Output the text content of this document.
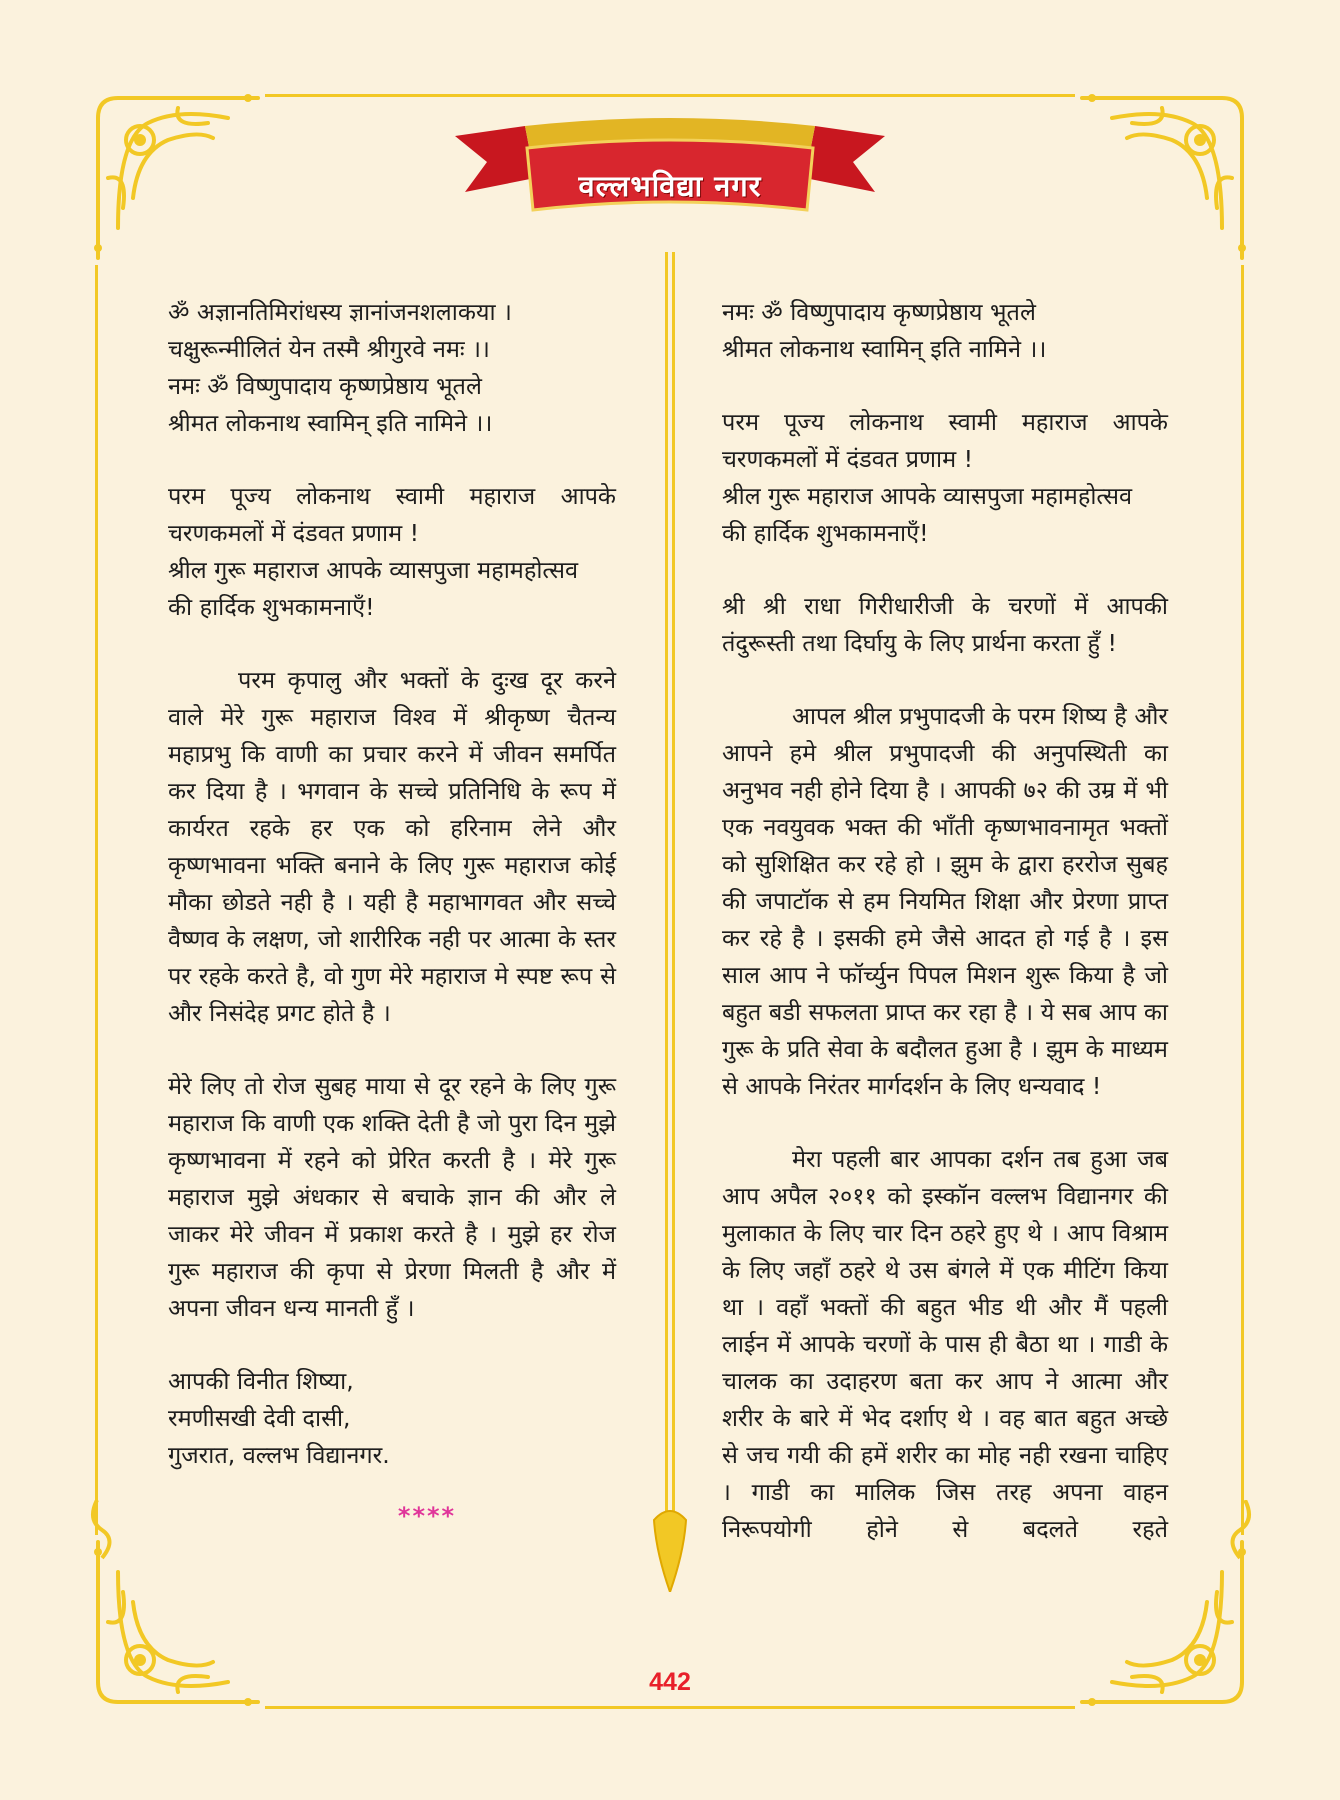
वल्लभविद्या नगर
ॐ अज्ञानतिमिरांधस्य ज्ञानांजनशलाकया ।
चक्षुरून्मीलितं येन तस्मै श्रीगुरवे नमः ।।
नमः ॐ विष्णुपादाय कृष्णप्रेष्ठाय भूतले
श्रीमत लोकनाथ स्वामिन् इति नामिने ।।
परम पूज्य लोकनाथ स्वामी महाराज आपके
चरणकमलों में दंडवत प्रणाम !
श्रील गुरू महाराज आपके व्यासपुजा महामहोत्सव
की हार्दिक शुभकामनाएँ!

परम कृपालु और भक्तों के दुःख दूर करने वाले मेरे गुरू महाराज विश्व में श्रीकृष्ण चैतन्य महाप्रभु कि वाणी का प्रचार करने में जीवन समर्पित कर दिया है । भगवान के सच्चे प्रतिनिधि के रूप में कार्यरत रहके हर एक को हरिनाम लेने और कृष्णभावना भक्ति बनाने के लिए गुरू महाराज कोई मौका छोडते नही है । यही है महाभागवत और सच्चे वैष्णव के लक्षण, जो शारीरिक नही पर आत्मा के स्तर पर रहके करते है, वो गुण मेरे महाराज मे स्पष्ट रूप से और निसंदेह प्रगट होते है ।

मेरे लिए तो रोज सुबह माया से दूर रहने के लिए गुरू महाराज कि वाणी एक शक्ति देती है जो पुरा दिन मुझे कृष्णभावना में रहने को प्रेरित करती है । मेरे गुरू महाराज मुझे अंधकार से बचाके ज्ञान की और ले जाकर मेरे जीवन में प्रकाश करते है । मुझे हर रोज गुरू महाराज की कृपा से प्रेरणा मिलती है और में अपना जीवन धन्य मानती हुँ ।

आपकी विनीत शिष्या,

रमणीसखी देवी दासी,

गुजरात, वल्लभ विद्यानगर.

****
नमः ॐ विष्णुपादाय कृष्णप्रेष्ठाय भूतले
श्रीमत लोकनाथ स्वामिन् इति नामिने ।।
परम पूज्य लोकनाथ स्वामी महाराज आपके
चरणकमलों में दंडवत प्रणाम !
श्रील गुरू महाराज आपके व्यासपुजा महामहोत्सव
की हार्दिक शुभकामनाएँ!
श्री श्री राधा गिरीधारीजी के चरणों में आपकी
तंदुरूस्ती तथा दिर्घायु के लिए प्रार्थना करता हुँ !

आपल श्रील प्रभुपादजी के परम शिष्य है और आपने हमे श्रील प्रभुपादजी की अनुपस्थिती का अनुभव नही होने दिया है । आपकी ७२ की उम्र में भी एक नवयुवक भक्त की भाँती कृष्णभावनामृत भक्तों को सुशिक्षित कर रहे हो । झुम के द्वारा हररोज सुबह की जपाटॉक से हम नियमित शिक्षा और प्रेरणा प्राप्त कर रहे है । इसकी हमे जैसे आदत हो गई है । इस साल आप ने फॉर्च्युन पिपल मिशन शुरू किया है जो बहुत बडी सफलता प्राप्त कर रहा है । ये सब आप का गुरू के प्रति सेवा के बदौलत हुआ है । झुम के माध्यम से आपके निरंतर मार्गदर्शन के लिए धन्यवाद !

मेरा पहली बार आपका दर्शन तब हुआ जब आप अपैल २०११ को इस्कॉन वल्लभ विद्यानगर की मुलाकात के लिए चार दिन ठहरे हुए थे । आप विश्राम के लिए जहाँ ठहरे थे उस बंगले में एक मीटिंग किया था । वहाँ भक्तों की बहुत भीड थी और मैं पहली लाईन में आपके चरणों के पास ही बैठा था । गाडी के चालक का उदाहरण बता कर आप ने आत्मा और शरीर के बारे में भेद दर्शाए थे । वह बात बहुत अच्छे से जच गयी की हमें शरीर का मोह नही रखना चाहिए । गाडी का मालिक जिस तरह अपना वाहन निरूपयोगी होने से बदलते रहते

442
